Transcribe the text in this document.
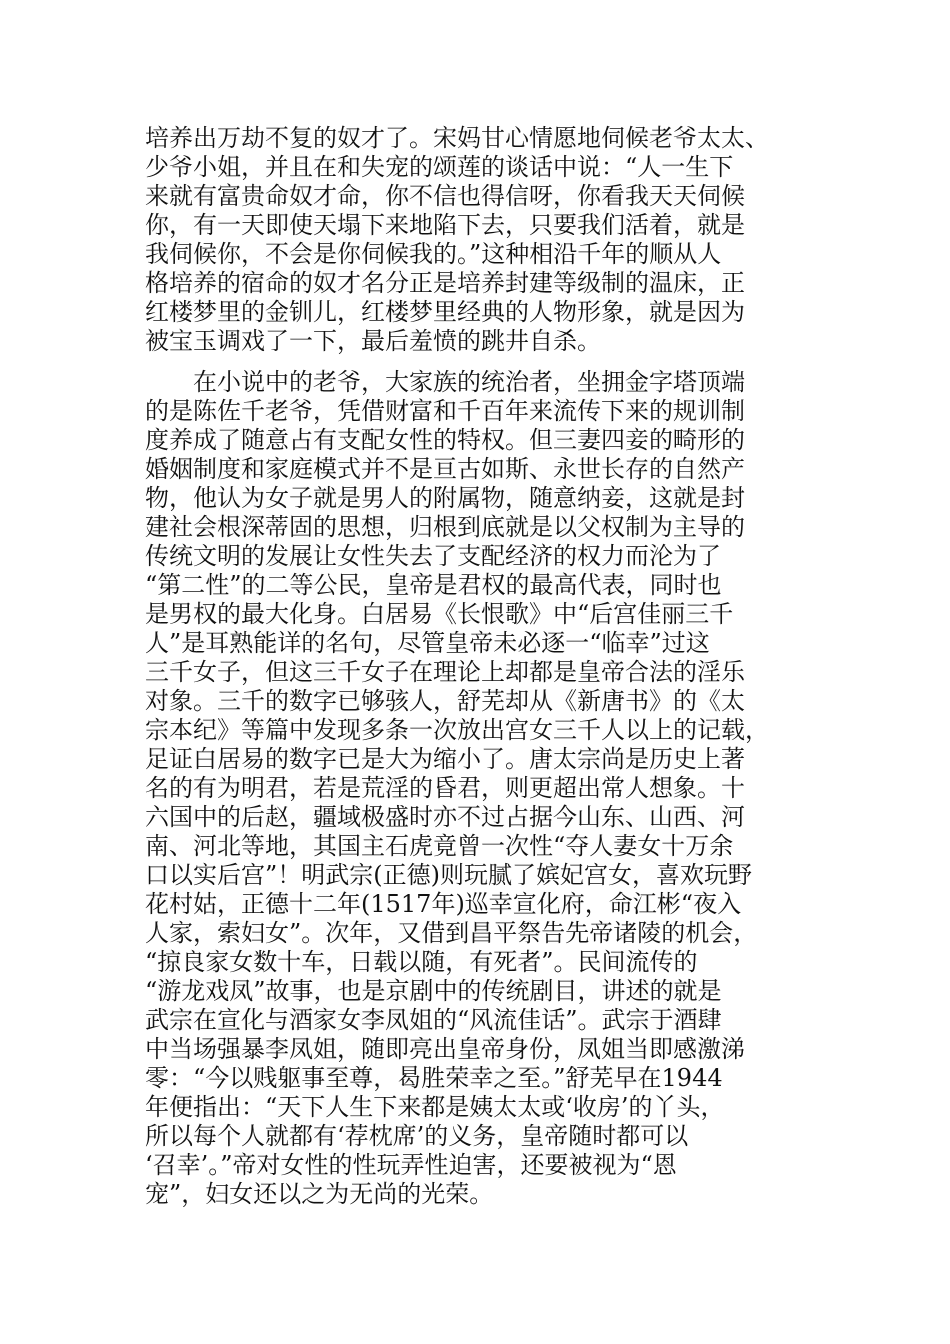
培养出万劫不复的奴才了。宋妈甘心情愿地伺候老爷太太、
少爷小姐，并且在和失宠的颂莲的谈话中说：“人一生下
来就有富贵命奴才命，你不信也得信呀，你看我天天伺候
你，有一天即使天塌下来地陷下去，只要我们活着，就是
我伺候你，不会是你伺候我的。”这种相沿千年的顺从人
格培养的宿命的奴才名分正是培养封建等级制的温床，正
红楼梦里的金钏儿，红楼梦里经典的人物形象，就是因为
被宝玉调戏了一下，最后羞愤的跳井自杀。
　　在小说中的老爷，大家族的统治者，坐拥金字塔顶端
的是陈佐千老爷，凭借财富和千百年来流传下来的规训制
度养成了随意占有支配女性的特权。但三妻四妾的畸形的
婚姻制度和家庭模式并不是亘古如斯、永世长存的自然产
物，他认为女子就是男人的附属物，随意纳妾，这就是封
建社会根深蒂固的思想，归根到底就是以父权制为主导的
传统文明的发展让女性失去了支配经济的权力而沦为了
“第二性”的二等公民，皇帝是君权的最高代表，同时也
是男权的最大化身。白居易《长恨歌》中“后宫佳丽三千
人”是耳熟能详的名句，尽管皇帝未必逐一“临幸”过这
三千女子，但这三千女子在理论上却都是皇帝合法的淫乐
对象。三千的数字已够骇人，舒芜却从《新唐书》的《太
宗本纪》等篇中发现多条一次放出宫女三千人以上的记载，
足证白居易的数字已是大为缩小了。唐太宗尚是历史上著
名的有为明君，若是荒淫的昏君，则更超出常人想象。十
六国中的后赵，疆域极盛时亦不过占据今山东、山西、河
南、河北等地，其国主石虎竟曾一次性“夺人妻女十万余
口以实后宫”！明武宗(正德)则玩腻了嫔妃宫女，喜欢玩野
花村姑，正德十二年(1517年)巡幸宣化府，命江彬“夜入
人家，索妇女”。次年，又借到昌平祭告先帝诸陵的机会，
“掠良家女数十车，日载以随，有死者”。民间流传的
“游龙戏凤”故事，也是京剧中的传统剧目，讲述的就是
武宗在宣化与酒家女李凤姐的“风流佳话”。武宗于酒肆
中当场强暴李凤姐，随即亮出皇帝身份，凤姐当即感激涕
零：“今以贱躯事至尊，曷胜荣幸之至。”舒芜早在1944
年便指出：“天下人生下来都是姨太太或‘收房’的丫头，
所以每个人就都有‘荐枕席’的义务，皇帝随时都可以
‘召幸’。”帝对女性的性玩弄性迫害，还要被视为“恩
宠”，妇女还以之为无尚的光荣。
